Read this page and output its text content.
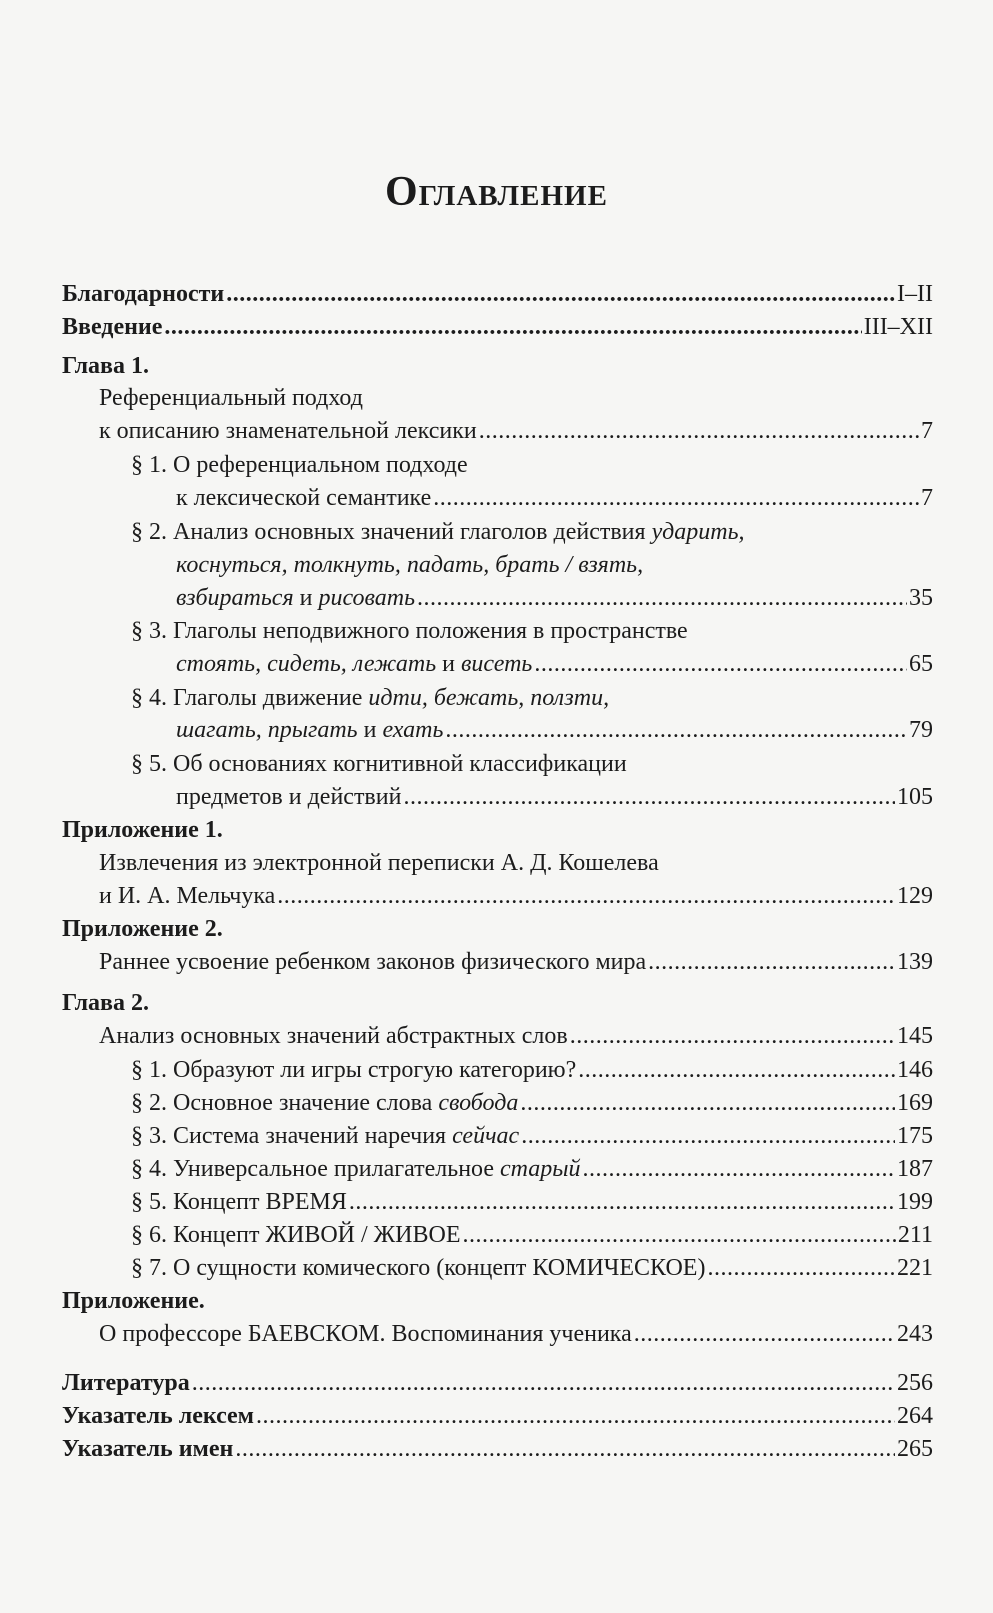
Оглавление
Благодарности .....	I–II
Введение .....	III–XII
Глава 1.
Референциальный подход
к описанию знаменательной лексики .....	7
§ 1. О референциальном подходе
к лексической семантике .....	7
§ 2. Анализ основных значений глаголов действия ударить,
коснуться, толкнуть, падать, брать / взять,
взбираться и рисовать .....	35
§ 3. Глаголы неподвижного положения в пространстве
стоять, сидеть, лежать и висеть .....	65
§ 4. Глаголы движение идти, бежать, ползти,
шагать, прыгать и ехать .....	79
§ 5. Об основаниях когнитивной классификации
предметов и действий .....	105
Приложение 1.
Извлечения из электронной переписки А. Д. Кошелева
и И. А. Мельчука .....	129
Приложение 2.
Раннее усвоение ребенком законов физического мира .....	139
Глава 2.
Анализ основных значений абстрактных слов .....	145
§ 1. Образуют ли игры строгую категорию? .....	146
§ 2. Основное значение слова свобода .....	169
§ 3. Система значений наречия сейчас .....	175
§ 4. Универсальное прилагательное старый .....	187
§ 5. Концепт ВРЕМЯ .....	199
§ 6. Концепт ЖИВОЙ / ЖИВОЕ .....	211
§ 7. О сущности комического (концепт КОМИЧЕСКОЕ) .....	221
Приложение.
О профессоре БАЕВСКОМ. Воспоминания ученика .....	243
Литература .....	256
Указатель лексем .....	264
Указатель имен .....	265
